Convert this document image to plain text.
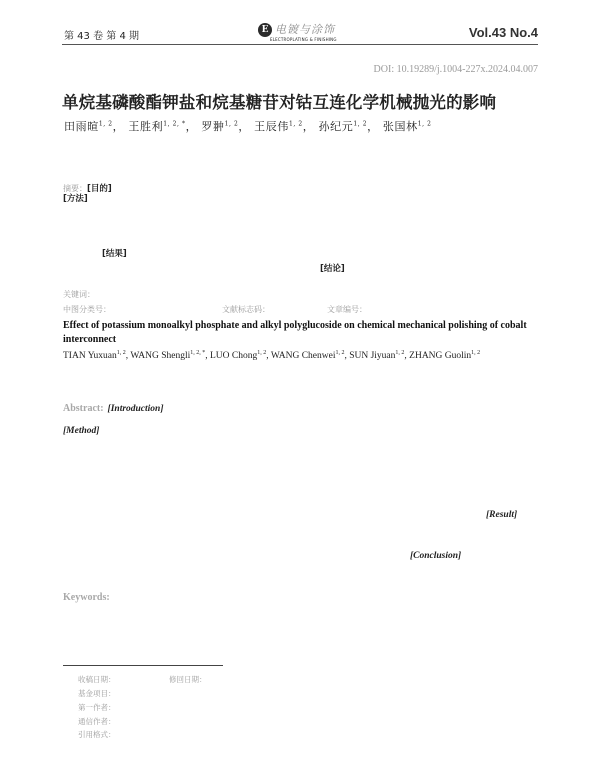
第 43 卷 第 4 期
E 电镀与涂饰
ELECTROPLATING & FINISHING	Vol.43 No.4
DOI: 10.19289/j.1004-227x.2024.04.007
单烷基磷酸酯钾盐和烷基糖苷对钴互连化学机械抛光的影响
田雨暄$^{1, 2}$， 王胜利$^{1, 2, *}$， 罗翀$^{1, 2}$， 王辰伟$^{1, 2}$， 孙纪元$^{1, 2}$， 张国林$^{1, 2}$
摘要：[目的]
[方法]
[结果]
[结论]
关键词：
中图分类号：	文献标志码：	文章编号：
Effect of potassium monoalkyl phosphate and alkyl polyglucoside on chemical mechanical polishing of cobalt interconnect
TIAN Yuxuan$^{1, 2}$, WANG Shengli$^{1, 2, *}$, LUO Chong$^{1, 2}$, WANG Chenwei$^{1, 2}$, SUN Jiyuan$^{1, 2}$, ZHANG Guolin$^{1, 2}$
Abstract: [Introduction]
[Method]
[Result]
[Conclusion]
Keywords:
收稿日期：	修回日期：
基金项目：
第一作者：
通信作者：
引用格式：
